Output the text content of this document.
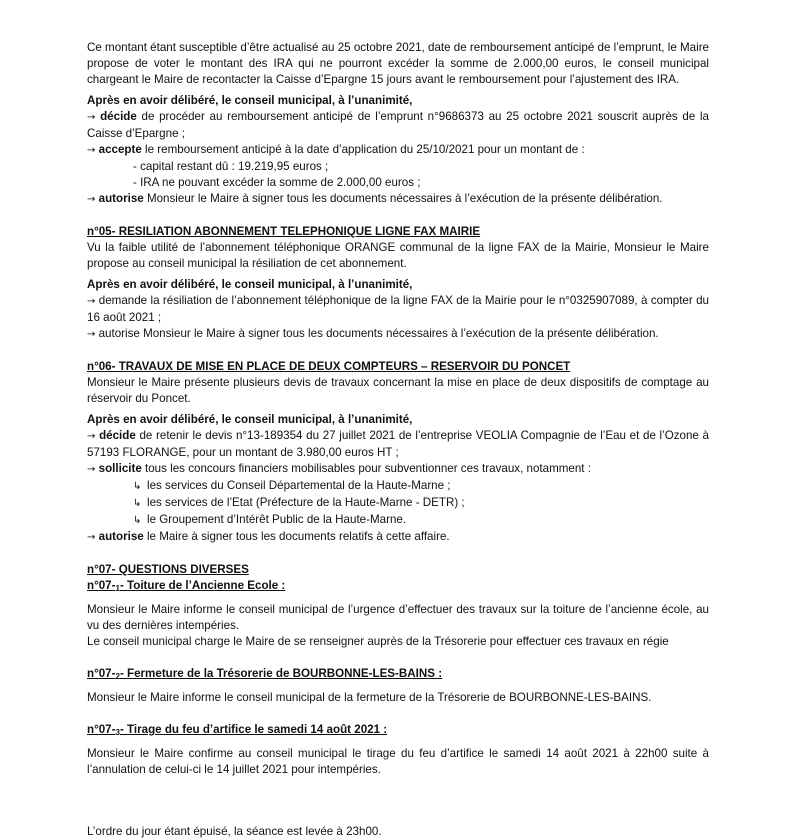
Ce montant étant susceptible d’être actualisé au 25 octobre 2021, date de remboursement anticipé de l’emprunt, le Maire propose de voter le montant des IRA qui ne pourront excéder la somme de 2.000,00 euros, le conseil municipal chargeant le Maire de recontacter la Caisse d’Epargne 15 jours avant le remboursement pour l’ajustement des IRA.

Après en avoir délibéré, le conseil municipal, à l’unanimité,

→ décide de procéder au remboursement anticipé de l’emprunt n°9686373 au 25 octobre 2021 souscrit auprès de la Caisse d’Epargne ;

→ accepte le remboursement anticipé à la date d’application du 25/10/2021 pour un montant de :

- capital restant dû : 19.219,95 euros ;

- IRA ne pouvant excéder la somme de 2.000,00 euros ;

→ autorise Monsieur le Maire à signer tous les documents nécessaires à l’exécution de la présente délibération.

n°05- RESILIATION ABONNEMENT TELEPHONIQUE LIGNE FAX MAIRIE

Vu la faible utilité de l’abonnement téléphonique ORANGE communal de la ligne FAX de la Mairie, Monsieur le Maire propose au conseil municipal la résiliation de cet abonnement.

Après en avoir délibéré, le conseil municipal, à l’unanimité,

→ demande la résiliation de l’abonnement téléphonique de la ligne FAX de la Mairie pour le n°0325907089, à compter du 16 août 2021 ;

→ autorise Monsieur le Maire à signer tous les documents nécessaires à l’exécution de la présente délibération.

n°06- TRAVAUX DE MISE EN PLACE DE DEUX COMPTEURS – RESERVOIR DU PONCET

Monsieur le Maire présente plusieurs devis de travaux concernant la mise en place de deux dispositifs de comptage au réservoir du Poncet.

Après en avoir délibéré, le conseil municipal, à l’unanimité,

→ décide de retenir le devis n°13-189354 du 27 juillet 2021 de l’entreprise VEOLIA Compagnie de l’Eau et de l’Ozone à 57193 FLORANGE, pour un montant de 3.980,00 euros HT ;

→ sollicite tous les concours financiers mobilisables pour subventionner ces travaux, notamment :

↳ les services du Conseil Départemental de la Haute-Marne ;

↳ les services de l’Etat (Préfecture de la Haute-Marne - DETR) ;

↳ le Groupement d’Intérêt Public de la Haute-Marne.

→ autorise le Maire à signer tous les documents relatifs à cette affaire.

n°07- QUESTIONS DIVERSES

$n^\circ 07-_1-$ Toiture de l’Ancienne Ecole :

Monsieur le Maire informe le conseil municipal de l’urgence d’effectuer des travaux sur la toiture de l’ancienne école, au vu des dernières intempéries.

Le conseil municipal charge le Maire de se renseigner auprès de la Trésorerie pour effectuer ces travaux en régie

$n^\circ 07-_2-$ Fermeture de la Trésorerie de BOURBONNE-LES-BAINS :

Monsieur le Maire informe le conseil municipal de la fermeture de la Trésorerie de BOURBONNE-LES-BAINS.

$n^\circ 07-_3-$ Tirage du feu d’artifice le samedi 14 août 2021 :

Monsieur le Maire confirme au conseil municipal le tirage du feu d’artifice le samedi 14 août 2021 à 22h00 suite à l’annulation de celui-ci le 14 juillet 2021 pour intempéries.

L’ordre du jour étant épuisé, la séance est levée à 23h00.
